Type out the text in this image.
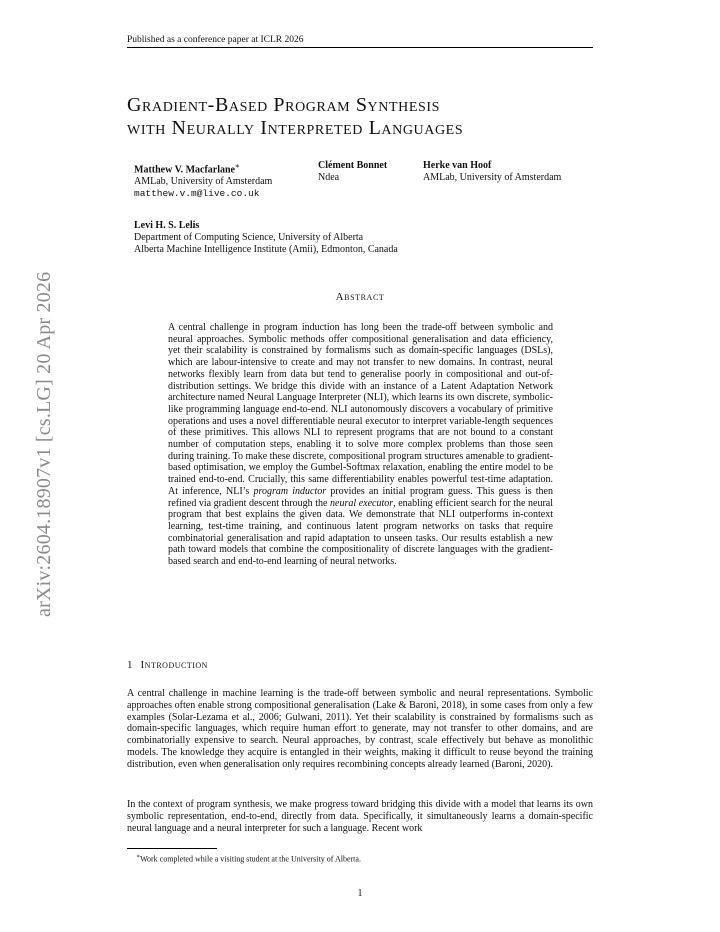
Published as a conference paper at ICLR 2026
arXiv:2604.18907v1 [cs.LG] 20 Apr 2026
Gradient-Based Program Synthesis
with Neurally Interpreted Languages
Matthew V. Macfarlane∗
AMLab, University of Amsterdam
matthew.v.m@live.co.uk
Clément Bonnet
Ndea
Herke van Hoof
AMLab, University of Amsterdam
Levi H. S. Lelis
Department of Computing Science, University of Alberta
Alberta Machine Intelligence Institute (Amii), Edmonton, Canada
Abstract
A central challenge in program induction has long been the trade-off between symbolic and neural approaches. Symbolic methods offer compositional generalisation and data efficiency, yet their scalability is constrained by formalisms such as domain-specific languages (DSLs), which are labour-intensive to create and may not transfer to new domains. In contrast, neural networks flexibly learn from data but tend to generalise poorly in compositional and out-of-distribution settings. We bridge this divide with an instance of a Latent Adaptation Network architecture named Neural Language Interpreter (NLI), which learns its own discrete, symbolic-like programming language end-to-end. NLI autonomously discovers a vocabulary of primitive operations and uses a novel differentiable neural executor to interpret variable-length sequences of these primitives. This allows NLI to represent programs that are not bound to a constant number of computation steps, enabling it to solve more complex problems than those seen during training. To make these discrete, compositional program structures amenable to gradient-based optimisation, we employ the Gumbel-Softmax relaxation, enabling the entire model to be trained end-to-end. Crucially, this same differentiability enables powerful test-time adaptation. At inference, NLI’s program inductor provides an initial program guess. This guess is then refined via gradient descent through the neural executor, enabling efficient search for the neural program that best explains the given data. We demonstrate that NLI outperforms in-context learning, test-time training, and continuous latent program networks on tasks that require combinatorial generalisation and rapid adaptation to unseen tasks. Our results establish a new path toward models that combine the compositionality of discrete languages with the gradient-based search and end-to-end learning of neural networks.
1 Introduction
A central challenge in machine learning is the trade-off between symbolic and neural representations. Symbolic approaches often enable strong compositional generalisation (Lake & Baroni, 2018), in some cases from only a few examples (Solar-Lezama et al., 2006; Gulwani, 2011). Yet their scalability is constrained by formalisms such as domain-specific languages, which require human effort to generate, may not transfer to other domains, and are combinatorially expensive to search. Neural approaches, by contrast, scale effectively but behave as monolithic models. The knowledge they acquire is entangled in their weights, making it difficult to reuse beyond the training distribution, even when generalisation only requires recombining concepts already learned (Baroni, 2020).
In the context of program synthesis, we make progress toward bridging this divide with a model that learns its own symbolic representation, end-to-end, directly from data. Specifically, it simultaneously learns a domain-specific neural language and a neural interpreter for such a language. Recent work
∗Work completed while a visiting student at the University of Alberta.
1
